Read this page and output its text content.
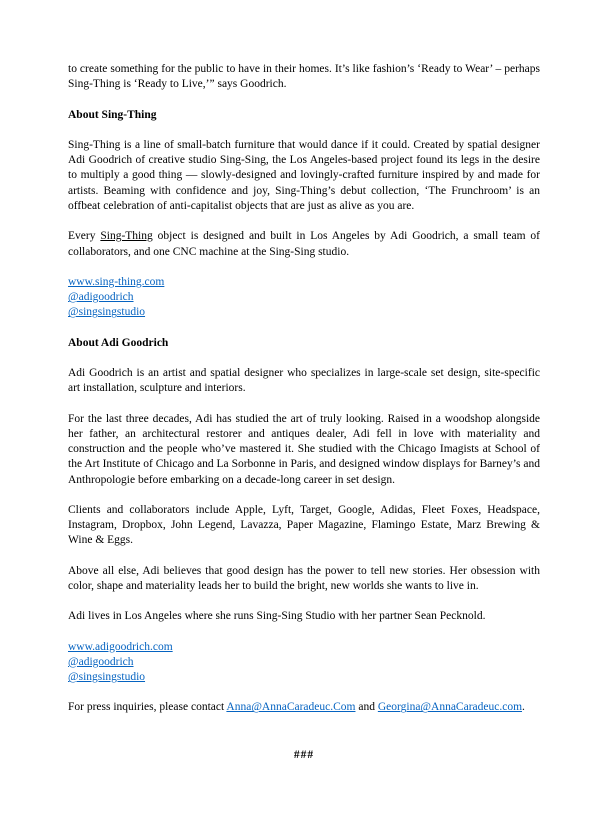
to create something for the public to have in their homes. It’s like fashion’s ‘Ready to Wear’ – perhaps Sing-Thing is ‘Ready to Live,’” says Goodrich.

About Sing-Thing

Sing-Thing is a line of small-batch furniture that would dance if it could. Created by spatial designer Adi Goodrich of creative studio Sing-Sing, the Los Angeles-based project found its legs in the desire to multiply a good thing — slowly-designed and lovingly-crafted furniture inspired by and made for artists. Beaming with confidence and joy, Sing-Thing’s debut collection, ‘The Frunchroom’ is an offbeat celebration of anti-capitalist objects that are just as alive as you are.

Every Sing-Thing object is designed and built in Los Angeles by Adi Goodrich, a small team of collaborators, and one CNC machine at the Sing-Sing studio.

www.sing-thing.com
@adigoodrich
@singsingstudio
About Adi Goodrich

Adi Goodrich is an artist and spatial designer who specializes in large-scale set design, site-specific art installation, sculpture and interiors.

For the last three decades, Adi has studied the art of truly looking. Raised in a woodshop alongside her father, an architectural restorer and antiques dealer, Adi fell in love with materiality and construction and the people who’ve mastered it. She studied with the Chicago Imagists at School of the Art Institute of Chicago and La Sorbonne in Paris, and designed window displays for Barney’s and Anthropologie before embarking on a decade-long career in set design.

Clients and collaborators include Apple, Lyft, Target, Google, Adidas, Fleet Foxes, Headspace, Instagram, Dropbox, John Legend, Lavazza, Paper Magazine, Flamingo Estate, Marz Brewing & Wine & Eggs.

Above all else, Adi believes that good design has the power to tell new stories. Her obsession with color, shape and materiality leads her to build the bright, new worlds she wants to live in.

Adi lives in Los Angeles where she runs Sing-Sing Studio with her partner Sean Pecknold.

www.adigoodrich.com
@adigoodrich
@singsingstudio

For press inquiries, please contact Anna@AnnaCaradeuc.Com and Georgina@AnnaCaradeuc.com.

###
